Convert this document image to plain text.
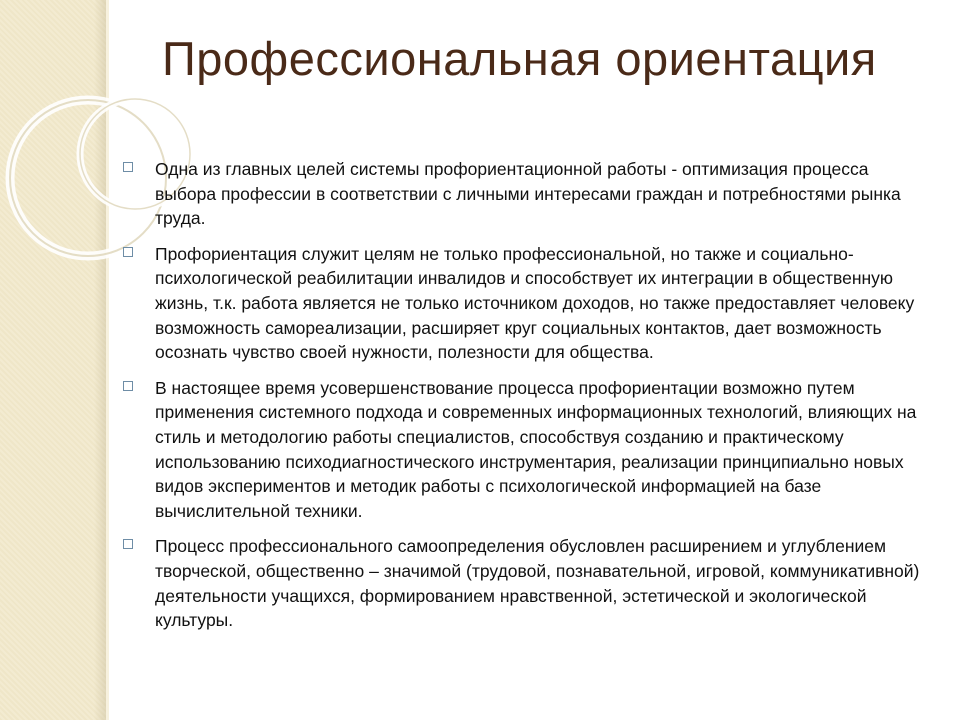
Профессиональная ориентация
Одна из главных целей системы профориентационной работы - оптимизация процесса выбора профессии в соответствии с личными интересами граждан и потребностями рынка труда.
Профориентация служит целям не только профессиональной, но также и социально-психологической реабилитации инвалидов и способствует их интеграции в общественную жизнь, т.к. работа является не только источником доходов, но также предоставляет человеку возможность самореализации, расширяет круг социальных контактов, дает возможность осознать чувство своей нужности, полезности для общества.
В настоящее время усовершенствование процесса профориентации возможно путем применения системного подхода и современных информационных технологий, влияющих на стиль и методологию работы специалистов, способствуя созданию и практическому использованию психодиагностического инструментария, реализации принципиально новых видов экспериментов и методик работы с психологической информацией на базе вычислительной техники.
Процесс профессионального самоопределения обусловлен расширением и углублением творческой, общественно – значимой (трудовой, познавательной, игровой, коммуникативной) деятельности учащихся, формированием нравственной, эстетической и экологической культуры.
